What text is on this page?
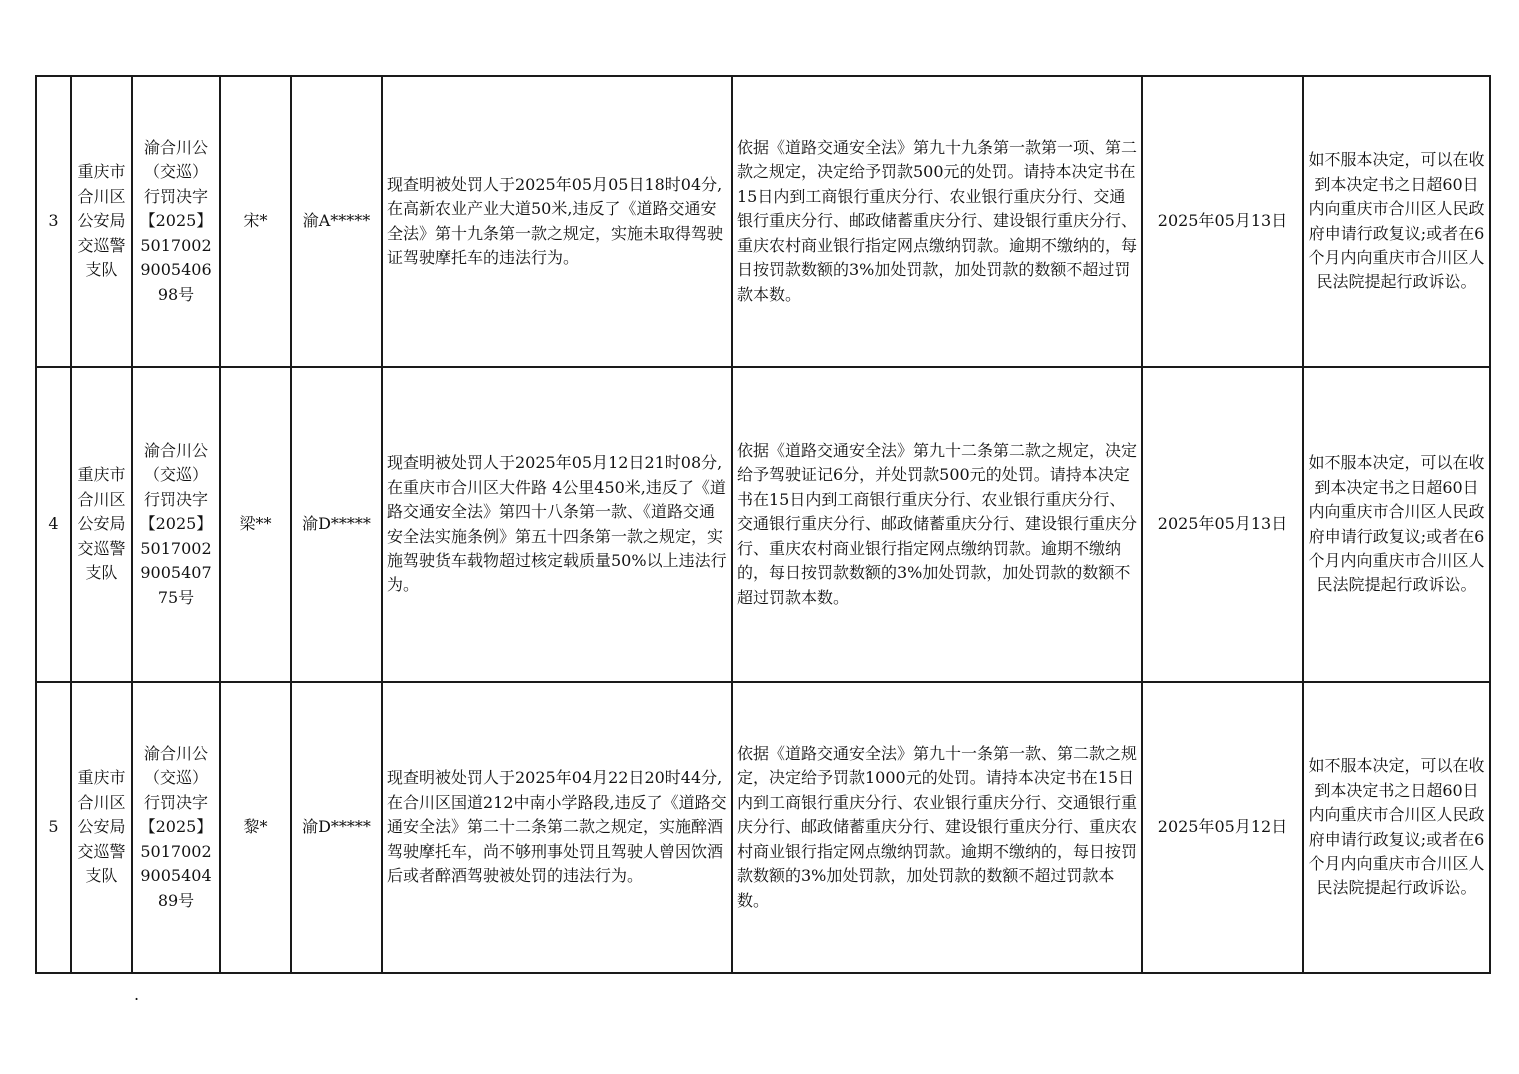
3	重庆市合川区公安局交巡警支队	渝合川公（交巡）行罚决字【2025】5017002900540698号	宋*	渝A*****	现查明被处罚人于2025年05月05日18时04分,在高新农业产业大道50米,违反了《道路交通安全法》第十九条第一款之规定，实施未取得驾驶证驾驶摩托车的违法行为。	依据《道路交通安全法》第九十九条第一款第一项、第二款之规定，决定给予罚款500元的处罚。请持本决定书在15日内到工商银行重庆分行、农业银行重庆分行、交通银行重庆分行、邮政储蓄重庆分行、建设银行重庆分行、重庆农村商业银行指定网点缴纳罚款。逾期不缴纳的，每日按罚款数额的3%加处罚款，加处罚款的数额不超过罚款本数。	2025年05月13日	如不服本决定，可以在收到本决定书之日超60日内向重庆市合川区人民政府申请行政复议;或者在6个月内向重庆市合川区人民法院提起行政诉讼。
4	重庆市合川区公安局交巡警支队	渝合川公（交巡）行罚决字【2025】5017002900540775号	梁**	渝D*****	现查明被处罚人于2025年05月12日21时08分,在重庆市合川区大件路 4公里450米,违反了《道路交通安全法》第四十八条第一款、《道路交通安全法实施条例》第五十四条第一款之规定，实施驾驶货车载物超过核定载质量50%以上违法行为。	依据《道路交通安全法》第九十二条第二款之规定，决定给予驾驶证记6分，并处罚款500元的处罚。请持本决定书在15日内到工商银行重庆分行、农业银行重庆分行、交通银行重庆分行、邮政储蓄重庆分行、建设银行重庆分行、重庆农村商业银行指定网点缴纳罚款。逾期不缴纳的，每日按罚款数额的3%加处罚款，加处罚款的数额不超过罚款本数。	2025年05月13日	如不服本决定，可以在收到本决定书之日超60日内向重庆市合川区人民政府申请行政复议;或者在6个月内向重庆市合川区人民法院提起行政诉讼。
5	重庆市合川区公安局交巡警支队	渝合川公（交巡）行罚决字【2025】5017002900540489号	黎*	渝D*****	现查明被处罚人于2025年04月22日20时44分,在合川区国道212中南小学路段,违反了《道路交通安全法》第二十二条第二款之规定，实施醉酒驾驶摩托车，尚不够刑事处罚且驾驶人曾因饮酒后或者醉酒驾驶被处罚的违法行为。	依据《道路交通安全法》第九十一条第一款、第二款之规定，决定给予罚款1000元的处罚。请持本决定书在15日内到工商银行重庆分行、农业银行重庆分行、交通银行重庆分行、邮政储蓄重庆分行、建设银行重庆分行、重庆农村商业银行指定网点缴纳罚款。逾期不缴纳的，每日按罚款数额的3%加处罚款，加处罚款的数额不超过罚款本数。	2025年05月12日	如不服本决定，可以在收到本决定书之日超60日内向重庆市合川区人民政府申请行政复议;或者在6个月内向重庆市合川区人民法院提起行政诉讼。
.
